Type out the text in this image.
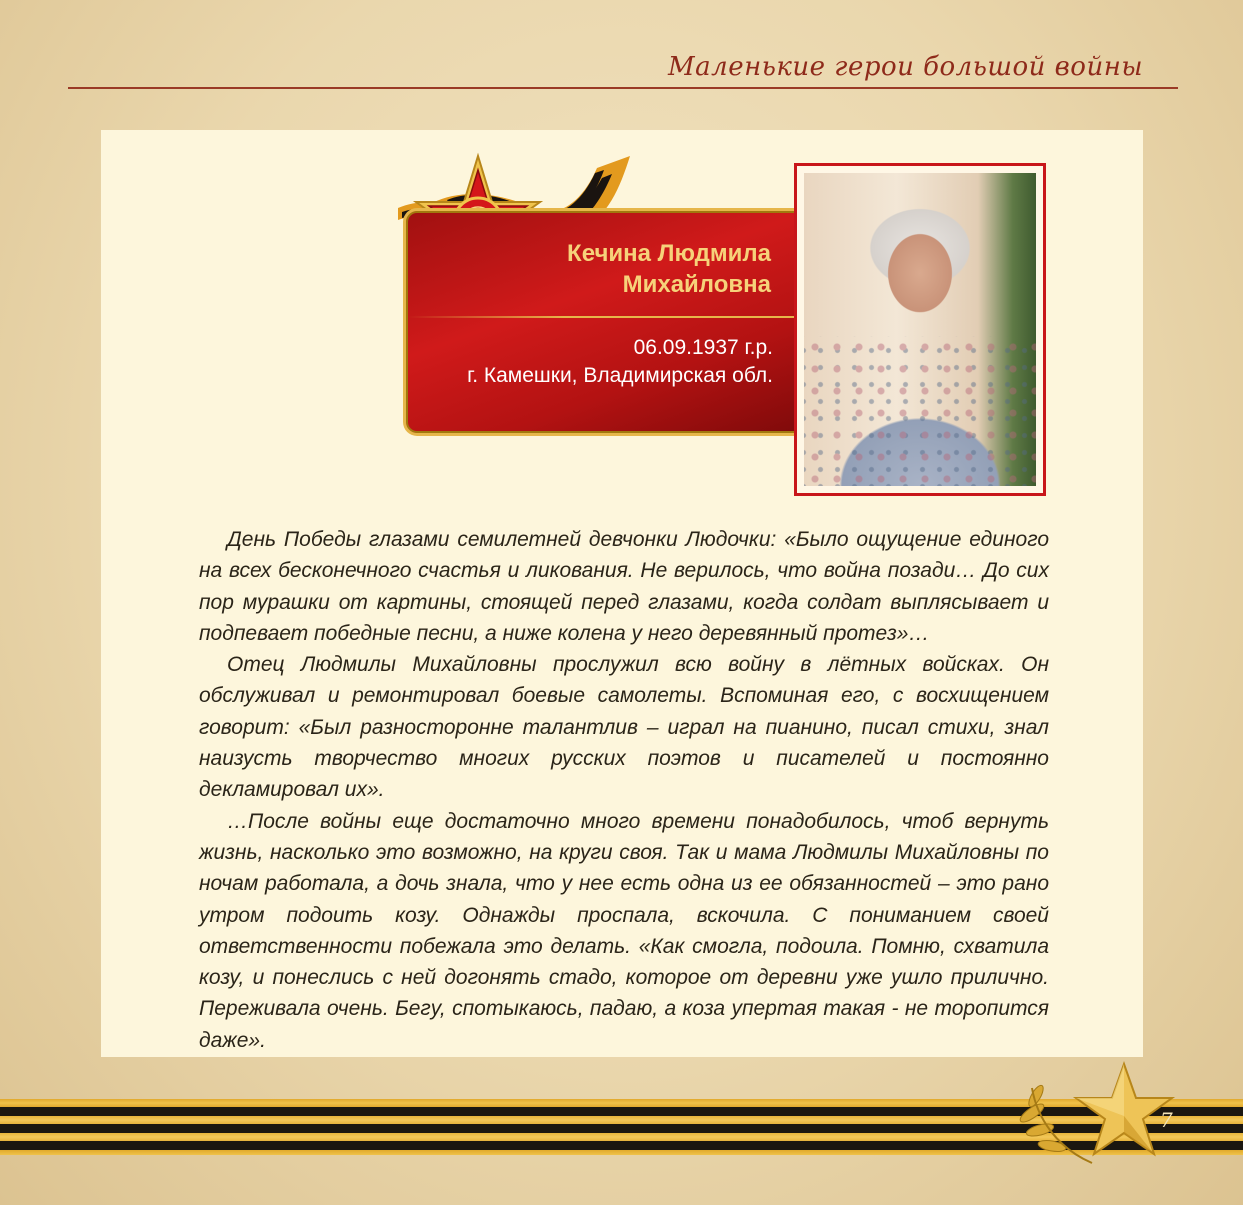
Маленькие герои большой войны
Кечина Людмила
Михайловна
06.09.1937 г.р.
г. Камешки, Владимирская обл.

День Победы глазами семилетней девчонки Людочки: «Было ощущение единого на всех бесконечного счастья и ликования. Не верилось, что война позади… До сих пор мурашки от картины, стоящей перед глазами, когда солдат выплясывает и подпевает победные песни, а ниже колена у него деревянный протез»…

Отец Людмилы Михайловны прослужил всю войну в лётных войсках. Он обслуживал и ремонтировал боевые самолеты. Вспоминая его, с восхищением говорит: «Был разносторонне талантлив – играл на пианино, писал стихи, знал наизусть творчество многих русских поэтов и писателей и постоянно декламировал их».

…После войны еще достаточно много времени понадобилось, чтоб вернуть жизнь, насколько это возможно, на круги своя. Так и мама Людмилы Михайловны по ночам работала, а дочь знала, что у нее есть одна из ее обязанностей – это рано утром подоить козу. Однажды проспала, вскочила. С пониманием своей ответственности побежала это делать. «Как смогла, подоила. Помню, схватила козу, и понеслись с ней догонять стадо, которое от деревни уже ушло прилично. Переживала очень. Бегу, спотыкаюсь, падаю, а коза упертая такая - не торопится даже».

7
